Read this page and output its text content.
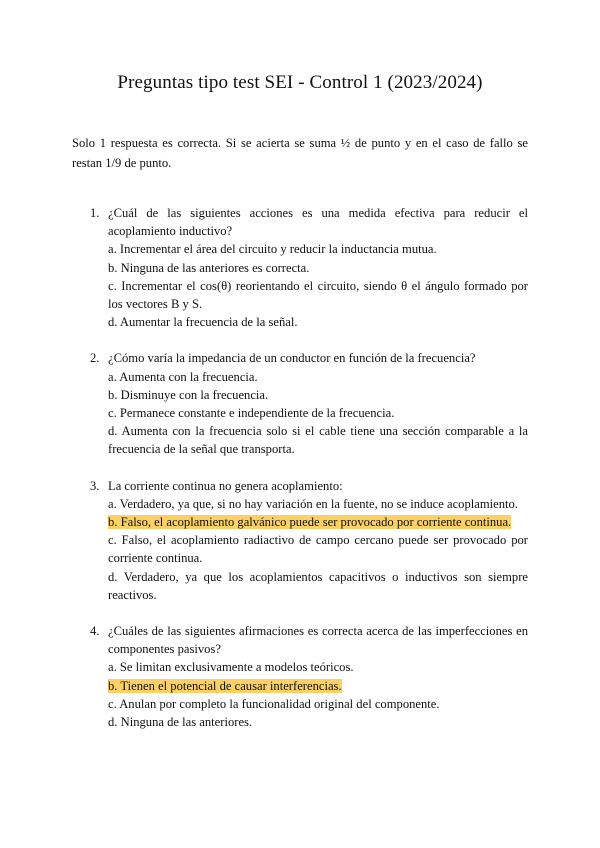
Preguntas tipo test SEI - Control 1 (2023/2024)

Solo 1 respuesta es correcta. Si se acierta se suma ½ de punto y en el caso de fallo se restan 1/9 de punto.

1. ¿Cuál de las siguientes acciones es una medida efectiva para reducir el acoplamiento inductivo?
a. Incrementar el área del circuito y reducir la inductancia mutua.
b. Ninguna de las anteriores es correcta.
c. Incrementar el cos(θ) reorientando el circuito, siendo θ el ángulo formado por los vectores B y S.
d. Aumentar la frecuencia de la señal.
2. ¿Cómo varía la impedancia de un conductor en función de la frecuencia?
a. Aumenta con la frecuencia.
b. Disminuye con la frecuencia.
c. Permanece constante e independiente de la frecuencia.
d. Aumenta con la frecuencia solo si el cable tiene una sección comparable a la frecuencia de la señal que transporta.
3. La corriente continua no genera acoplamiento:
a. Verdadero, ya que, si no hay variación en la fuente, no se induce acoplamiento.
b. Falso, el acoplamiento galvánico puede ser provocado por corriente continua.
c. Falso, el acoplamiento radiactivo de campo cercano puede ser provocado por corriente continua.
d. Verdadero, ya que los acoplamientos capacitivos o inductivos son siempre reactivos.
4. ¿Cuáles de las siguientes afirmaciones es correcta acerca de las imperfecciones en componentes pasivos?
a. Se limitan exclusivamente a modelos teóricos.
b. Tienen el potencial de causar interferencias.
c. Anulan por completo la funcionalidad original del componente.
d. Ninguna de las anteriores.
